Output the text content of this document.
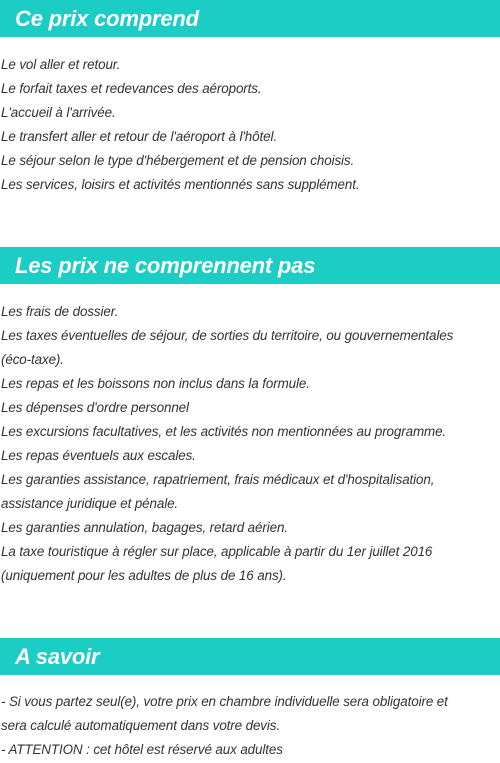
Ce prix comprend
Le vol aller et retour.
Le forfait taxes et redevances des aéroports.
L'accueil à l'arrivée.
Le transfert aller et retour de l'aéroport à l'hôtel.
Le séjour selon le type d'hébergement et de pension choisis.
Les services, loisirs et activités mentionnés sans supplément.
Les prix ne comprennent pas
Les frais de dossier.
Les taxes éventuelles de séjour, de sorties du territoire, ou gouvernementales
(éco-taxe).
Les repas et les boissons non inclus dans la formule.
Les dépenses d'ordre personnel
Les excursions facultatives, et les activités non mentionnées au programme.
Les repas éventuels aux escales.
Les garanties assistance, rapatriement, frais médicaux et d'hospitalisation,
assistance juridique et pénale.
Les garanties annulation, bagages, retard aérien.
La taxe touristique à régler sur place, applicable à partir du 1er juillet 2016
(uniquement pour les adultes de plus de 16 ans).
A savoir
- Si vous partez seul(e), votre prix en chambre individuelle sera obligatoire et
sera calculé automatiquement dans votre devis.
- ATTENTION : cet hôtel est réservé aux adultes
